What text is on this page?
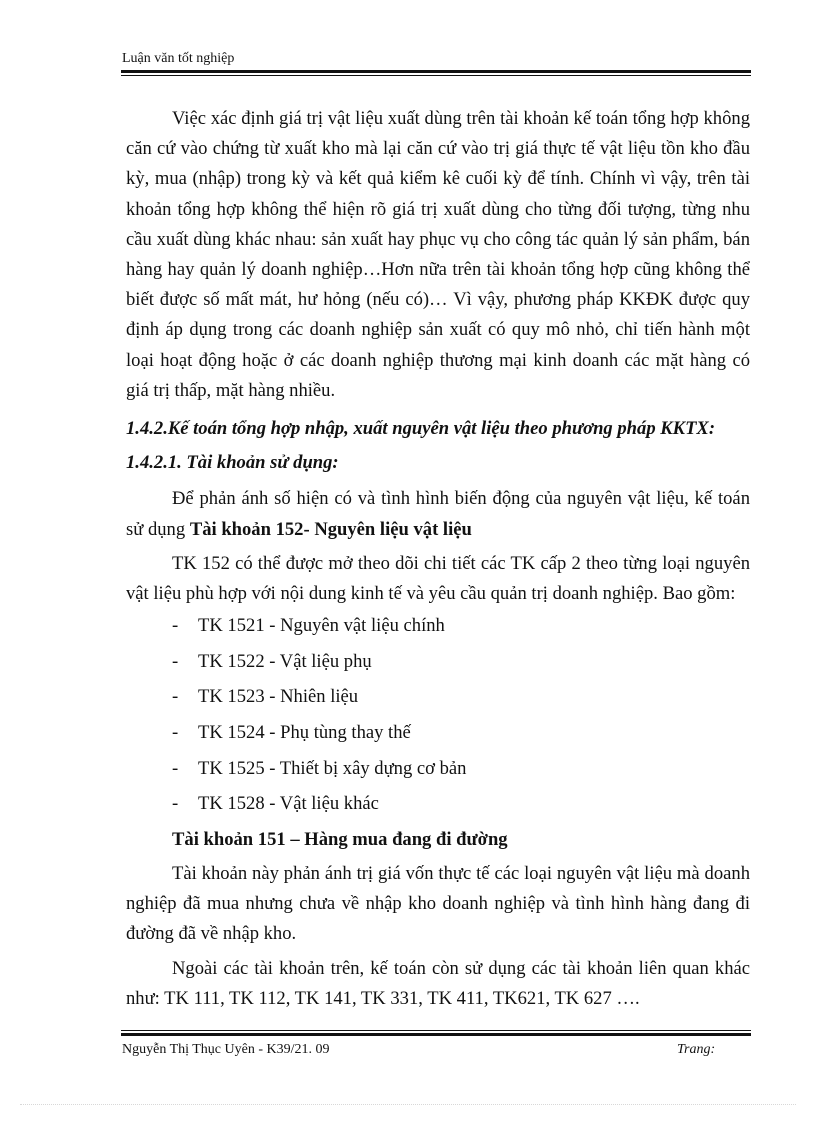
Luận văn tốt nghiệp

Việc xác định giá trị vật liệu xuất dùng trên tài khoản kế toán tổng hợp không căn cứ vào chứng từ xuất kho mà lại căn cứ vào trị giá thực tế vật liệu tồn kho đầu kỳ, mua (nhập) trong kỳ và kết quả kiểm kê cuối kỳ để tính. Chính vì vậy, trên tài khoản tổng hợp không thể hiện rõ giá trị xuất dùng cho từng đối tượng, từng nhu cầu xuất dùng khác nhau: sản xuất hay phục vụ cho công tác quản lý sản phẩm, bán hàng hay quản lý doanh nghiệp…Hơn nữa trên tài khoản tổng hợp cũng không thể biết được số mất mát, hư hỏng (nếu có)… Vì vậy, phương pháp KKĐK được quy định áp dụng trong các doanh nghiệp sản xuất có quy mô nhỏ, chỉ tiến hành một loại hoạt động hoặc ở các doanh nghiệp thương mại kinh doanh các mặt hàng có giá trị thấp, mặt hàng nhiều.

1.4.2.Kế toán tổng hợp nhập, xuất nguyên vật liệu theo phương pháp KKTX:

1.4.2.1. Tài khoản sử dụng:

Để phản ánh số hiện có và tình hình biến động của nguyên vật liệu, kế toán sử dụng Tài khoản 152- Nguyên liệu vật liệu

TK 152 có thể được mở theo dõi chi tiết các TK cấp 2 theo từng loại nguyên vật liệu phù hợp với nội dung kinh tế và yêu cầu quản trị doanh nghiệp. Bao gồm:

- TK 1521 - Nguyên vật liệu chính
- TK 1522 - Vật liệu phụ
- TK 1523 - Nhiên liệu
- TK 1524 - Phụ tùng thay thế
- TK 1525 - Thiết bị xây dựng cơ bản
- TK 1528 - Vật liệu khác

Tài khoản 151 – Hàng mua đang đi đường

Tài khoản này phản ánh trị giá vốn thực tế các loại nguyên vật liệu mà doanh nghiệp đã mua nhưng chưa về nhập kho doanh nghiệp và tình hình hàng đang đi đường đã về nhập kho.

Ngoài các tài khoản trên, kế toán còn sử dụng các tài khoản liên quan khác như: TK 111, TK 112, TK 141, TK 331, TK 411, TK621, TK 627 ….

Nguyễn Thị Thục Uyên - K39/21. 09	Trang:
